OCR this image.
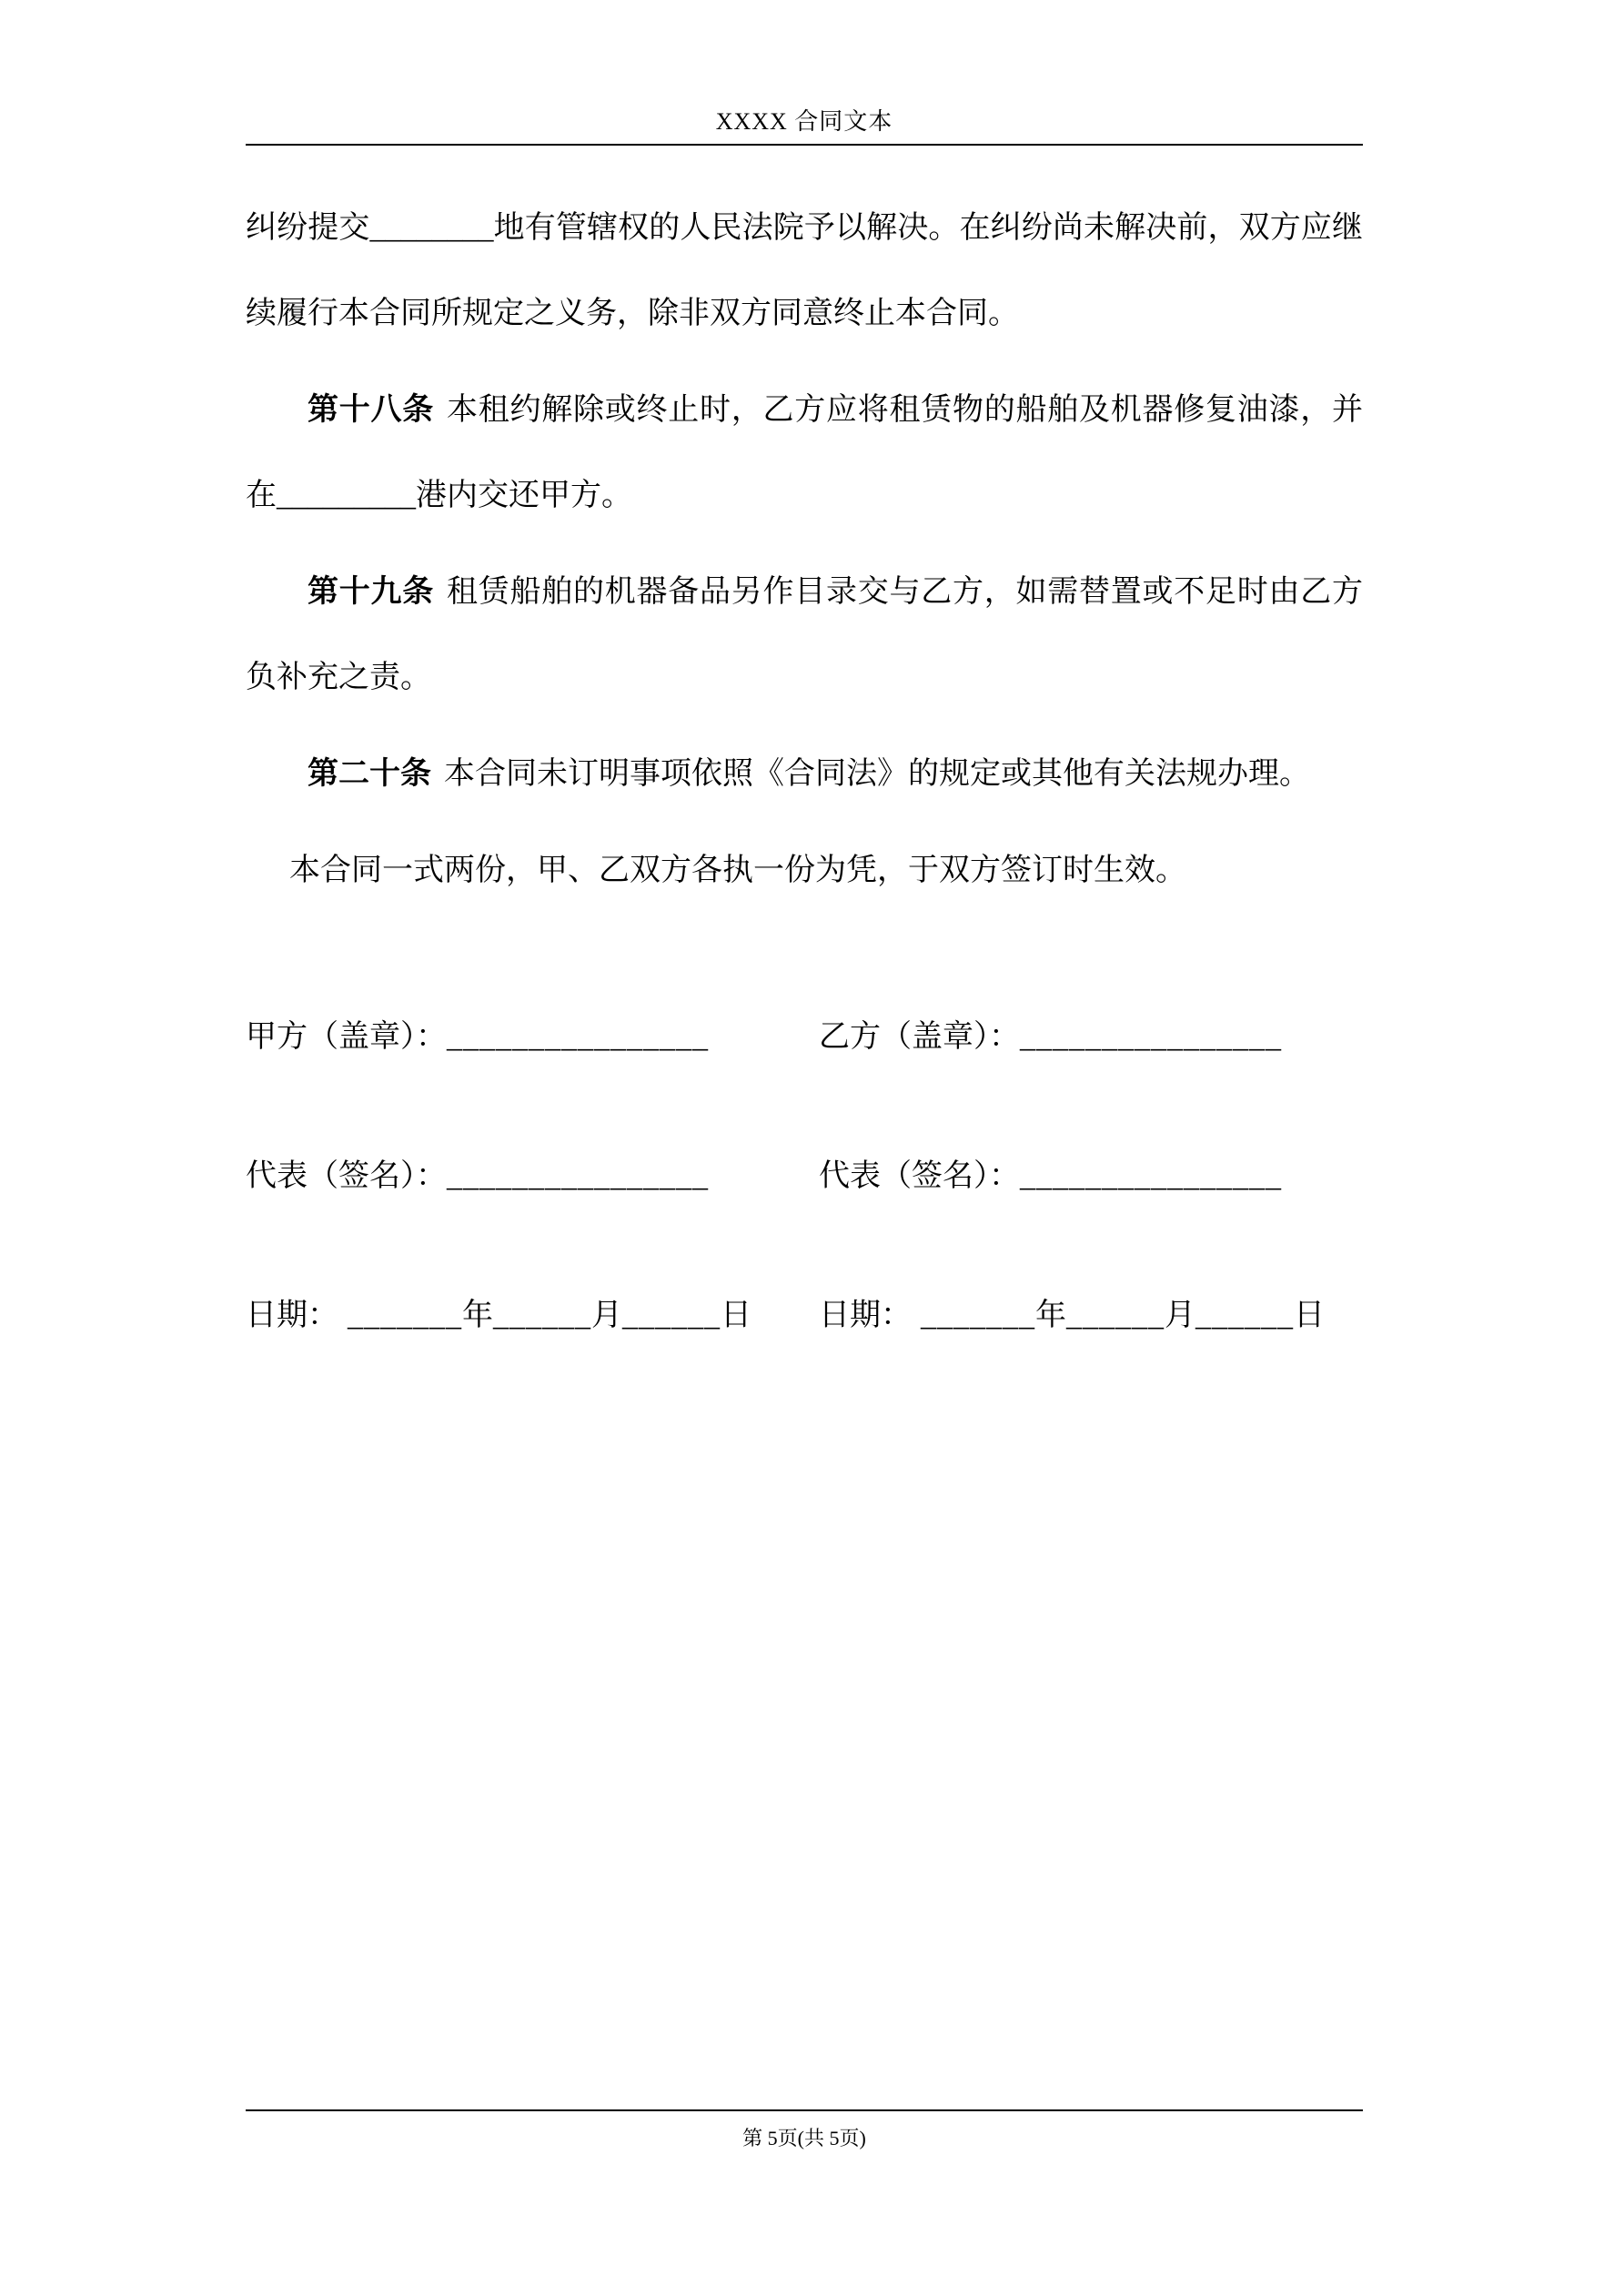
XXXX 合同文本

纠纷提交________地有管辖权的人民法院予以解决。在纠纷尚未解决前，双方应继续履行本合同所规定之义务，除非双方同意终止本合同。

第十八条 本租约解除或终止时，乙方应将租赁物的船舶及机器修复油漆，并在_________港内交还甲方。

第十九条 租赁船舶的机器备品另作目录交与乙方，如需替置或不足时由乙方负补充之责。

第二十条 本合同未订明事项依照《合同法》的规定或其他有关法规办理。

本合同一式两份，甲、乙双方各执一份为凭，于双方签订时生效。

甲方（盖章）：________________	乙方（盖章）：________________
代表（签名）：________________	代表（签名）：________________
日期： _______年______月______日	日期： _______年______月______日
第 5页(共 5页)
